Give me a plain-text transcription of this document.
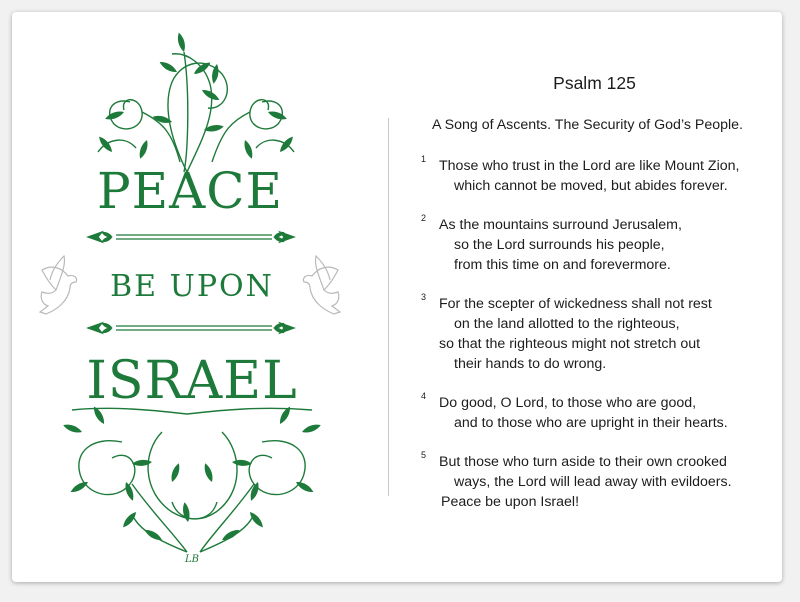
PEACE
BE UPON
ISRAEL
LB
Psalm 125
A Song of Ascents. The Security of God’s People.
1 Those who trust in the Lord are like Mount Zion,
which cannot be moved, but abides forever.
2 As the mountains surround Jerusalem,
so the Lord surrounds his people,
from this time on and forevermore.
3 For the scepter of wickedness shall not rest
on the land allotted to the righteous,
so that the righteous might not stretch out
their hands to do wrong.
4 Do good, O Lord, to those who are good,
and to those who are upright in their hearts.
5 But those who turn aside to their own crooked
ways, the Lord will lead away with evildoers.
Peace be upon Israel!
